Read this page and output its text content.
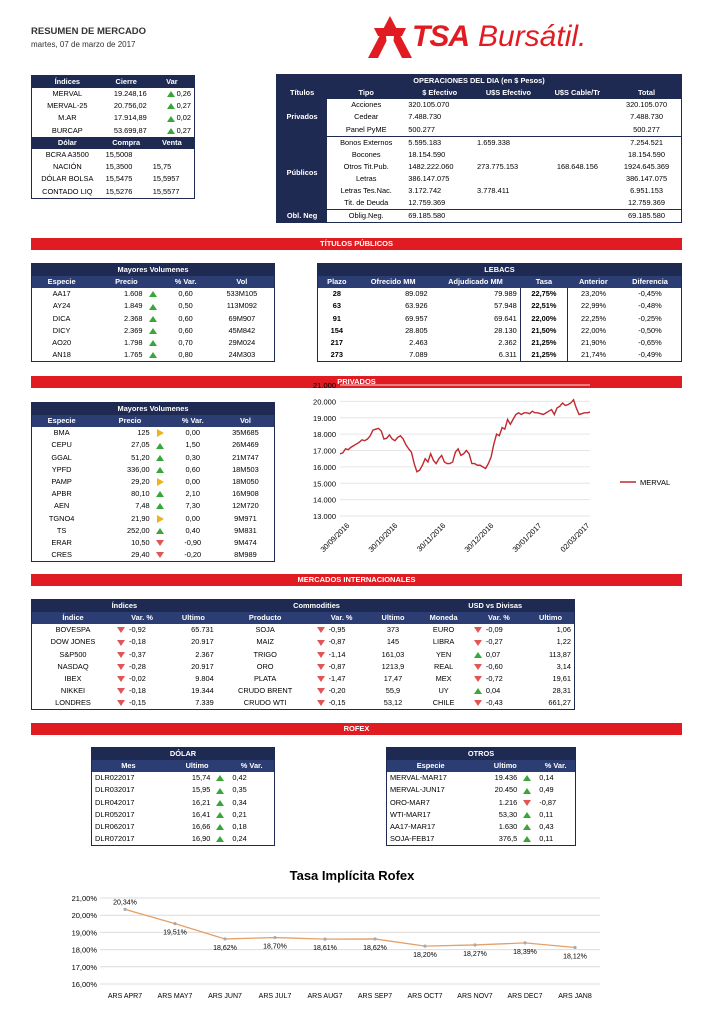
RESUMEN DE MERCADO
martes, 07 de marzo de 2017	TSA Bursátil.
Índices	Cierre	Var
MERVAL	19.248,16	0,26
MERVAL-25	20.756,02	0,27
M.AR	17.914,89	0,02
BURCAP	53.699,87	0,27
Dólar	Compra	Venta
BCRA A3500	15,5008	
NACIÓN	15,3500	15,75
DÓLAR BOLSA	15,5475	15,5957
CONTADO LIQ	15,5276	15,5577
OPERACIONES DEL DIA (en $ Pesos)					
Títulos	Tipo	$ Efectivo	U$S Efectivo	U$S Cable/Tr	Total
Privados	Acciones	320.105.070			320.105.070
	Cedear	7.488.730			7.488.730
	Panel PyME	500.277			500.277
Públicos	Bonos Externos	5.595.183	1.659.338		7.254.521
	Bocones	18.154.590			18.154.590
	Otros Tit.Pub.	1482.222.060	273.775.153	168.648.156	1924.645.369
	Letras	386.147.075			386.147.075
	Letras Tes.Nac.	3.172.742	3.778.411		6.951.153
	Tit. de Deuda	12.759.369			12.759.369
Obl. Neg	Oblig.Neg.	69.185.580			69.185.580
TÍTULOS PÚBLICOS
Mayores Volumenes			
Especie	Precio	% Var.	Vol
AA17	1.608	0,60	533M105
AY24	1.849	0,50	113M092
DICA	2.368	0,60	69M907
DICY	2.369	0,60	45M842
AO20	1.798	0,70	29M024
AN18	1.765	0,80	24M303
LEBACS					
Plazo	Ofrecido MM	Adjudicado MM	Tasa	Anterior	Diferencia
28	89.092	79.989	22,75%	23,20%	-0,45%
63	63.926	57.948	22,51%	22,99%	-0,48%
91	69.957	69.641	22,00%	22,25%	-0,25%
154	28.805	28.130	21,50%	22,00%	-0,50%
217	2.463	2.362	21,25%	21,90%	-0,65%
273	7.089	6.311	21,25%	21,74%	-0,49%
PRIVADOS
Mayores Volumenes			
Especie	Precio	% Var.	Vol
BMA	125	0,00	35M685
CEPU	27,05	1,50	26M469
GGAL	51,20	0,30	21M747
YPFD	336,00	0,60	18M503
PAMP	29,20	0,00	18M050
APBR	80,10	2,10	16M908
AEN	7,48	7,30	12M720
TGNO4	21,90	0,00	9M971
TS	252,00	0,40	9M831
ERAR	10,50	-0,90	9M474
CRES	29,40	-0,20	8M989
13.000
14.000
15.000
16.000
17.000
18.000
19.000
20.000
21.000
30/09/2016 30/10/2016 30/11/2016 30/12/2016 30/01/2017 02/03/2017
MERVAL
MERCADOS INTERNACIONALES
Índices			Commodities			USD vs Divisas		
Índice	Var. %	Ultimo	Producto	Var. %	Ultimo	Moneda	Var. %	Ultimo
BOVESPA	-0,92	65.731	SOJA	-0,95	373	EURO	-0,09	1,06
DOW JONES	-0,18	20.917	MAIZ	-0,87	145	LIBRA	-0,27	1,22
S&P500	-0,37	2.367	TRIGO	-1,14	161,03	YEN	0,07	113,87
NASDAQ	-0,28	20.917	ORO	-0,87	1213,9	REAL	-0,60	3,14
IBEX	-0,02	9.804	PLATA	-1,47	17,47	MEX	-0,72	19,61
NIKKEI	-0,18	19.344	CRUDO BRENT	-0,20	55,9	UY	0,04	28,31
LONDRES	-0,15	7.339	CRUDO WTI	-0,15	53,12	CHILE	-0,43	661,27
ROFEX
DÓLAR		
Mes	Ultimo	% Var.
DLR022017	15,74	0,42
DLR032017	15,95	0,35
DLR042017	16,21	0,34
DLR052017	16,41	0,21
DLR062017	16,66	0,18
DLR072017	16,90	0,24
OTROS		
Especie	Ultimo	% Var.
MERVAL-MAR17	19.436	0,14
MERVAL-JUN17	20.450	0,49
ORO-MAR7	1.216	-0,87
WTI-MAR17	53,30	0,11
AA17-MAR17	1.630	0,43
SOJA-FEB17	376,5	0,11
Tasa Implícita Rofex
16,00%
17,00%
18,00%
19,00%
20,00%
21,00%
ARS APR7 ARS MAY7 ARS JUN7 ARS JUL7 ARS AUG7 ARS SEP7 ARS OCT7 ARS NOV7 ARS DEC7 ARS JAN8
20,34%
19,51%
18,62%	18,70%	18,61%	18,62%
18,20%	18,27%	18,39%
18,12%
